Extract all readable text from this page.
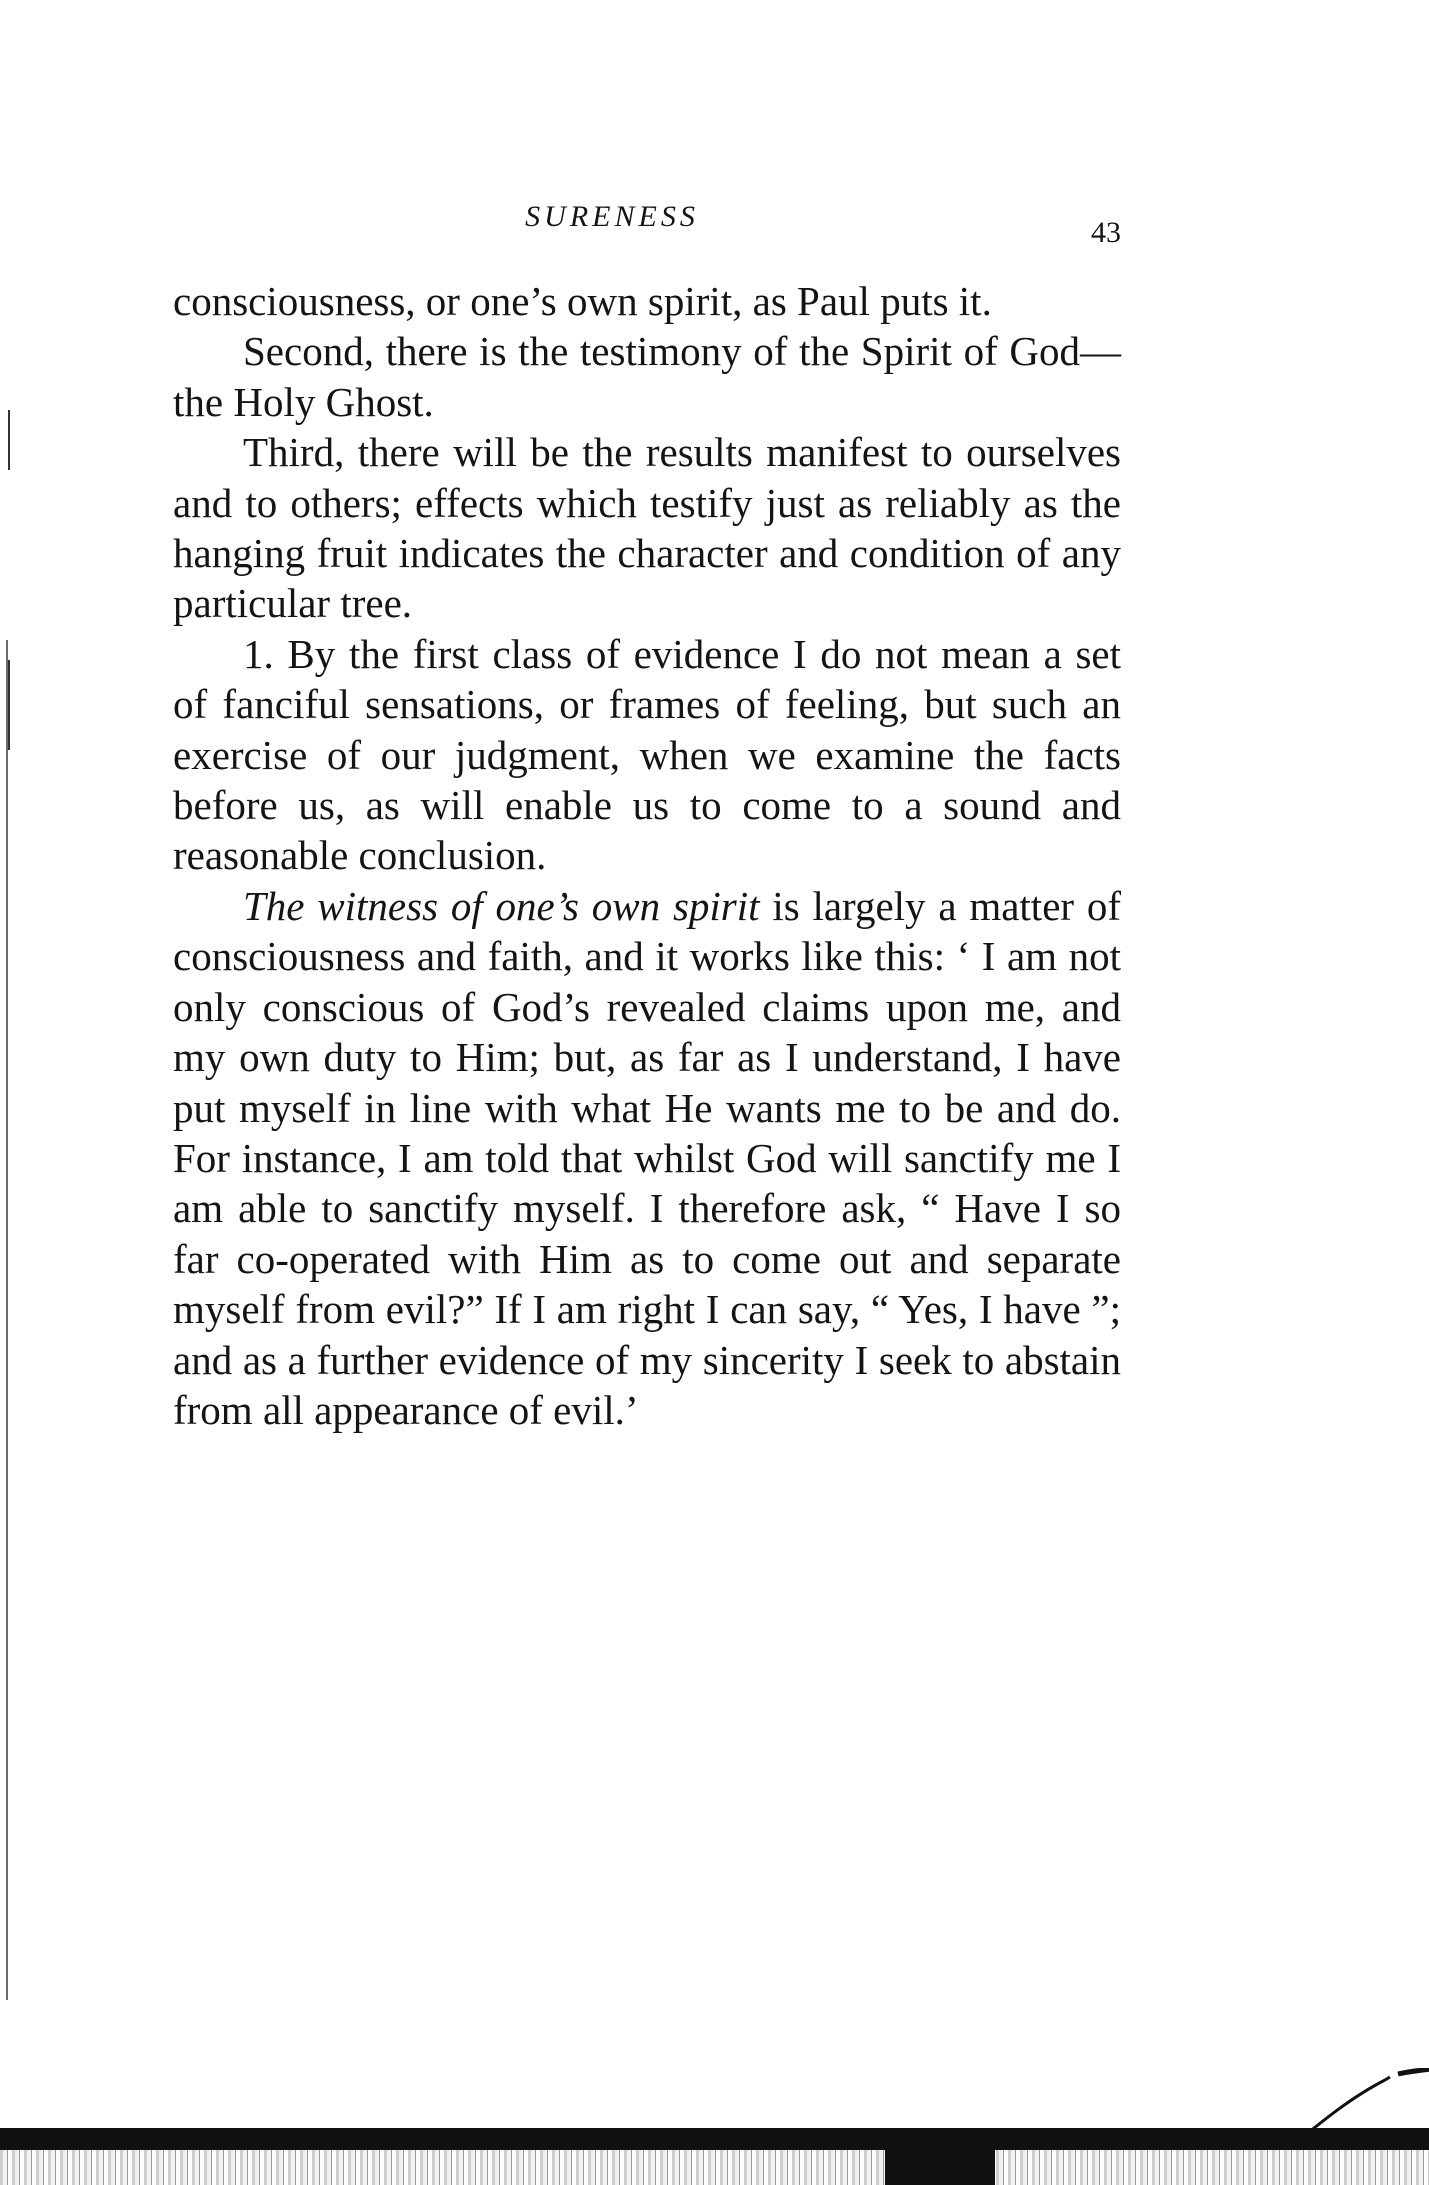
SURENESS	43

consciousness, or one’s own spirit, as Paul puts it.

Second, there is the testimony of the Spirit of God—the Holy Ghost.

Third, there will be the results manifest to ourselves and to others; effects which testify just as reliably as the hanging fruit indicates the character and condition of any particular tree.

1. By the first class of evidence I do not mean a set of fanciful sensations, or frames of feeling, but such an exercise of our judgment, when we examine the facts before us, as will enable us to come to a sound and reasonable conclusion.

The witness of one’s own spirit is largely a matter of consciousness and faith, and it works like this: ‘ I am not only conscious of God’s revealed claims upon me, and my own duty to Him; but, as far as I understand, I have put myself in line with what He wants me to be and do. For instance, I am told that whilst God will sanctify me I am able to sanctify myself. I therefore ask, “ Have I so far co-operated with Him as to come out and separate myself from evil?” If I am right I can say, “ Yes, I have ”; and as a further evidence of my sincerity I seek to abstain from all appearance of evil.’
